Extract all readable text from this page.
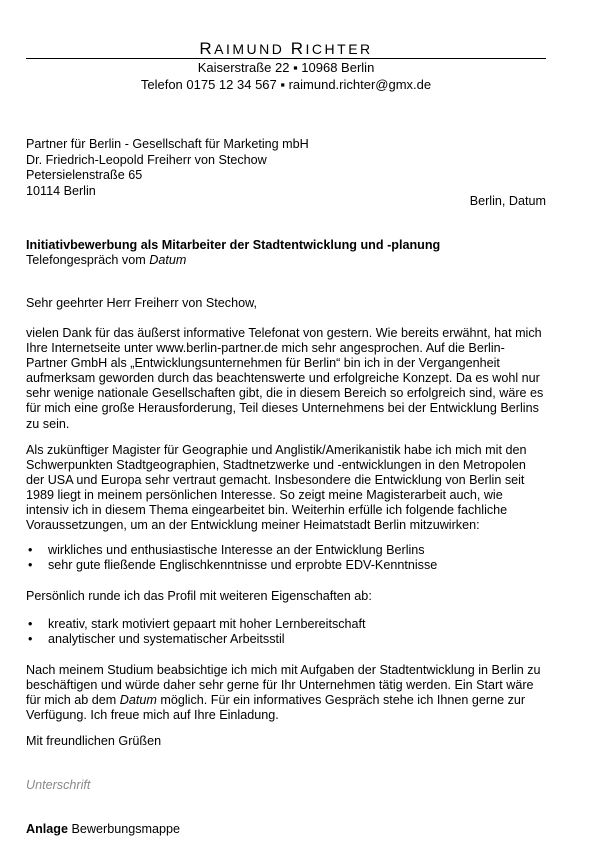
RAIMUND RICHTER
Kaiserstraße 22 ▪ 10968 Berlin
Telefon 0175 12 34 567 ▪ raimund.richter@gmx.de
Partner für Berlin - Gesellschaft für Marketing mbH
Dr. Friedrich-Leopold Freiherr von Stechow
Petersielenstraße 65
10114 Berlin
Berlin, Datum
Initiativbewerbung als Mitarbeiter der Stadtentwicklung und -planung
Telefongespräch vom Datum
Sehr geehrter Herr Freiherr von Stechow,
vielen Dank für das äußerst informative Telefonat von gestern. Wie bereits erwähnt, hat mich
Ihre Internetseite unter www.berlin-partner.de mich sehr angesprochen. Auf die Berlin-
Partner GmbH als „Entwicklungsunternehmen für Berlin“ bin ich in der Vergangenheit
aufmerksam geworden durch das beachtenswerte und erfolgreiche Konzept. Da es wohl nur
sehr wenige nationale Gesellschaften gibt, die in diesem Bereich so erfolgreich sind, wäre es
für mich eine große Herausforderung, Teil dieses Unternehmens bei der Entwicklung Berlins
zu sein.
Als zukünftiger Magister für Geographie und Anglistik/Amerikanistik habe ich mich mit den
Schwerpunkten Stadtgeographien, Stadtnetzwerke und -entwicklungen in den Metropolen
der USA und Europa sehr vertraut gemacht. Insbesondere die Entwicklung von Berlin seit
1989 liegt in meinem persönlichen Interesse. So zeigt meine Magisterarbeit auch, wie
intensiv ich in diesem Thema eingearbeitet bin. Weiterhin erfülle ich folgende fachliche
Voraussetzungen, um an der Entwicklung meiner Heimatstadt Berlin mitzuwirken:
• wirkliches und enthusiastische Interesse an der Entwicklung Berlins
• sehr gute fließende Englischkenntnisse und erprobte EDV-Kenntnisse
Persönlich runde ich das Profil mit weiteren Eigenschaften ab:
• kreativ, stark motiviert gepaart mit hoher Lernbereitschaft
• analytischer und systematischer Arbeitsstil
Nach meinem Studium beabsichtige ich mich mit Aufgaben der Stadtentwicklung in Berlin zu
beschäftigen und würde daher sehr gerne für Ihr Unternehmen tätig werden. Ein Start wäre
für mich ab dem Datum möglich. Für ein informatives Gespräch stehe ich Ihnen gerne zur
Verfügung. Ich freue mich auf Ihre Einladung.
Mit freundlichen Grüßen
Unterschrift
Anlage Bewerbungsmappe
